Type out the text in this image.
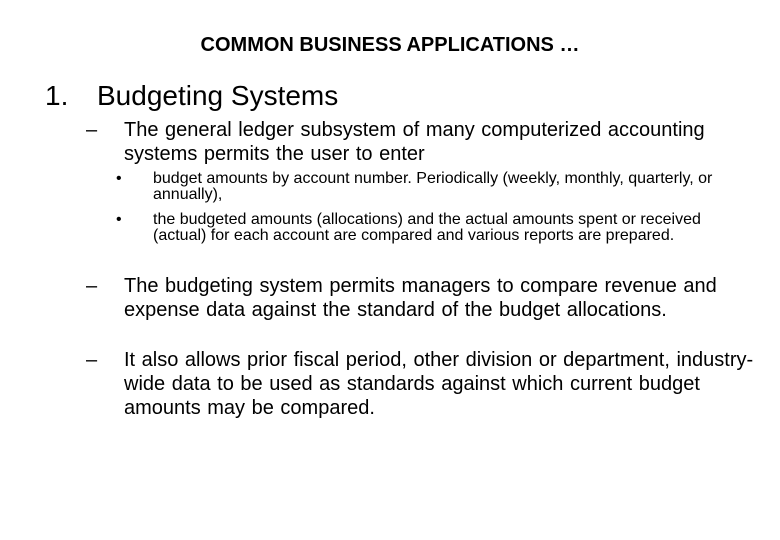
COMMON BUSINESS APPLICATIONS …
1. Budgeting Systems
– The general ledger subsystem of many computerized accounting systems permits the user to enter
• budget amounts by account number. Periodically (weekly, monthly, quarterly, or annually),
• the budgeted amounts (allocations) and the actual amounts spent or received (actual) for each account are compared and various reports are prepared.
– The budgeting system permits managers to compare revenue and expense data against the standard of the budget allocations.
– It also allows prior fiscal period, other division or department, industry-wide data to be used as standards against which current budget amounts may be compared.
